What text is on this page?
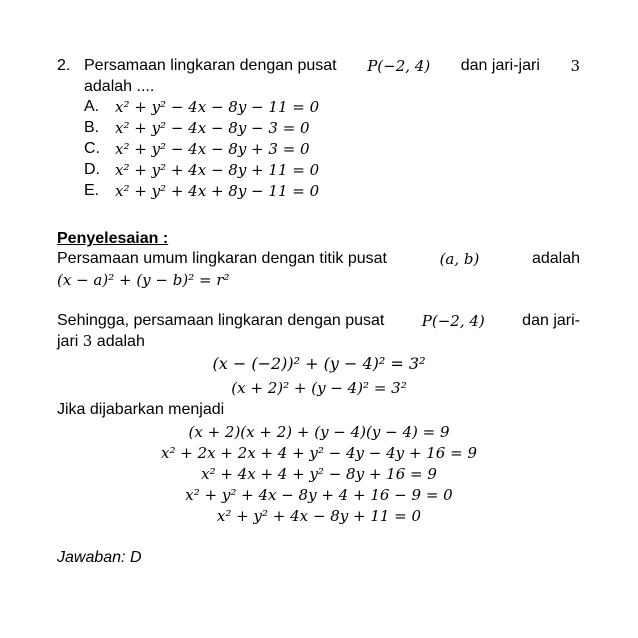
2. Persamaan lingkaran dengan pusat P(−2, 4) dan jari-jari 3
adalah ....
A. x² + y² − 4x − 8y − 11 = 0
B. x² + y² − 4x − 8y − 3 = 0
C. x² + y² − 4x − 8y + 3 = 0
D. x² + y² + 4x − 8y + 11 = 0
E. x² + y² + 4x + 8y − 11 = 0
Penyelesaian :
Persamaan umum lingkaran dengan titik pusat	(a, b)	adalah
(x − a)² + (y − b)² = r²
Sehingga, persamaan lingkaran dengan pusat P(−2, 4) dan jari-
jari 3 adalah
(x − (−2))² + (y − 4)² = 3²
(x + 2)² + (y − 4)² = 3²
Jika dijabarkan menjadi
(x + 2)(x + 2) + (y − 4)(y − 4) = 9
x² + 2x + 2x + 4 + y² − 4y − 4y + 16 = 9
x² + 4x + 4 + y² − 8y + 16 = 9
x² + y² + 4x − 8y + 4 + 16 − 9 = 0
x² + y² + 4x − 8y + 11 = 0
Jawaban: D
